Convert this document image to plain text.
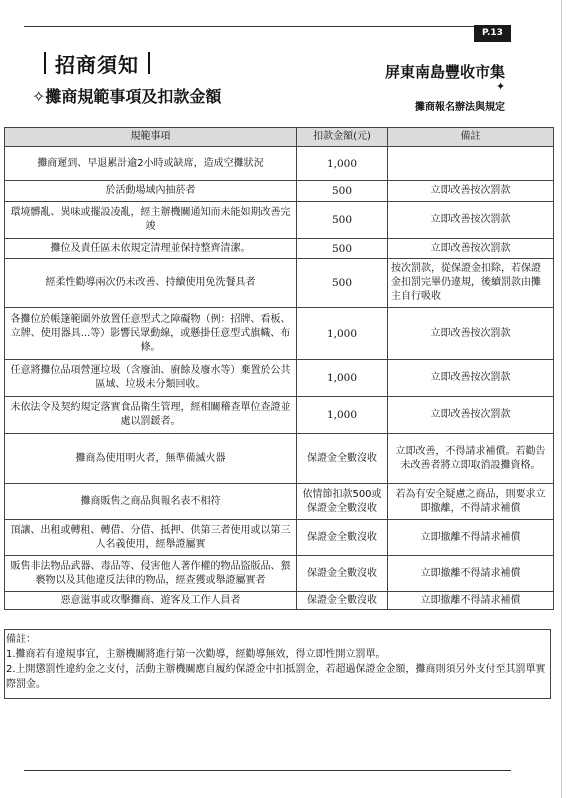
P.13
招商須知
✧攤商規範事項及扣款金額
屏東南島豐收市集
✦
攤商報名辦法與規定
規範事項	扣款金額(元)	備註
攤商遲到、早退累計逾2小時或缺席，造成空攤狀況	1,000	
於活動場域內抽菸者	500	立即改善按次罰款
環境髒亂、異味或擺設凌亂，經主辦機關通知而未能如期改善完竣	500	立即改善按次罰款
攤位及責任區未依規定清理並保持整齊清潔。	500	立即改善按次罰款
經柔性勸導兩次仍未改善、持續使用免洗餐具者	500	按次罰款，從保證金扣除，若保證金扣罰完畢仍違規，後續罰款由攤主自行吸收
各攤位於帳篷範圍外放置任意型式之障礙物（例：招牌、看板、立牌、使用器具...等）影響民眾動線，或懸掛任意型式旗幟、布條。	1,000	立即改善按次罰款
任意將攤位品項營運垃圾（含廢油、廚餘及廢水等）棄置於公共區域、垃圾未分類回收。	1,000	立即改善按次罰款
未依法令及契約規定落實食品衛生管理，經相關稽查單位查證並處以罰鍰者。	1,000	立即改善按次罰款
攤商為使用明火者，無準備滅火器	保證金全數沒收	立即改善，不得請求補償。若勸告未改善者將立即取消設攤資格。
攤商販售之商品與報名表不相符	依情節扣款500或保證金全數沒收	若為有安全疑慮之商品，則要求立即撤離，不得請求補償
頂讓、出租或轉租、轉借、分借、抵押、供第三者使用或以第三人名義使用，經舉證屬實	保證金全數沒收	立即撤離不得請求補償
販售非法物品武器、毒品等、侵害他人著作權的物品盜版品、猥褻物以及其他違反法律的物品，經查獲或舉證屬實者	保證金全數沒收	立即撤離不得請求補償
惡意滋事或攻擊攤商、遊客及工作人員者	保證金全數沒收	立即撤離不得請求補償
備註：
1.攤商若有違規事宜，主辦機關將進行第一次勸導，經勸導無效，得立即性開立罰單。
2.上開懲罰性違約金之支付，活動主辦機關應自履約保證金中扣抵罰金，若超過保證金金額，攤商則須另外支付至其罰單實際罰金。
